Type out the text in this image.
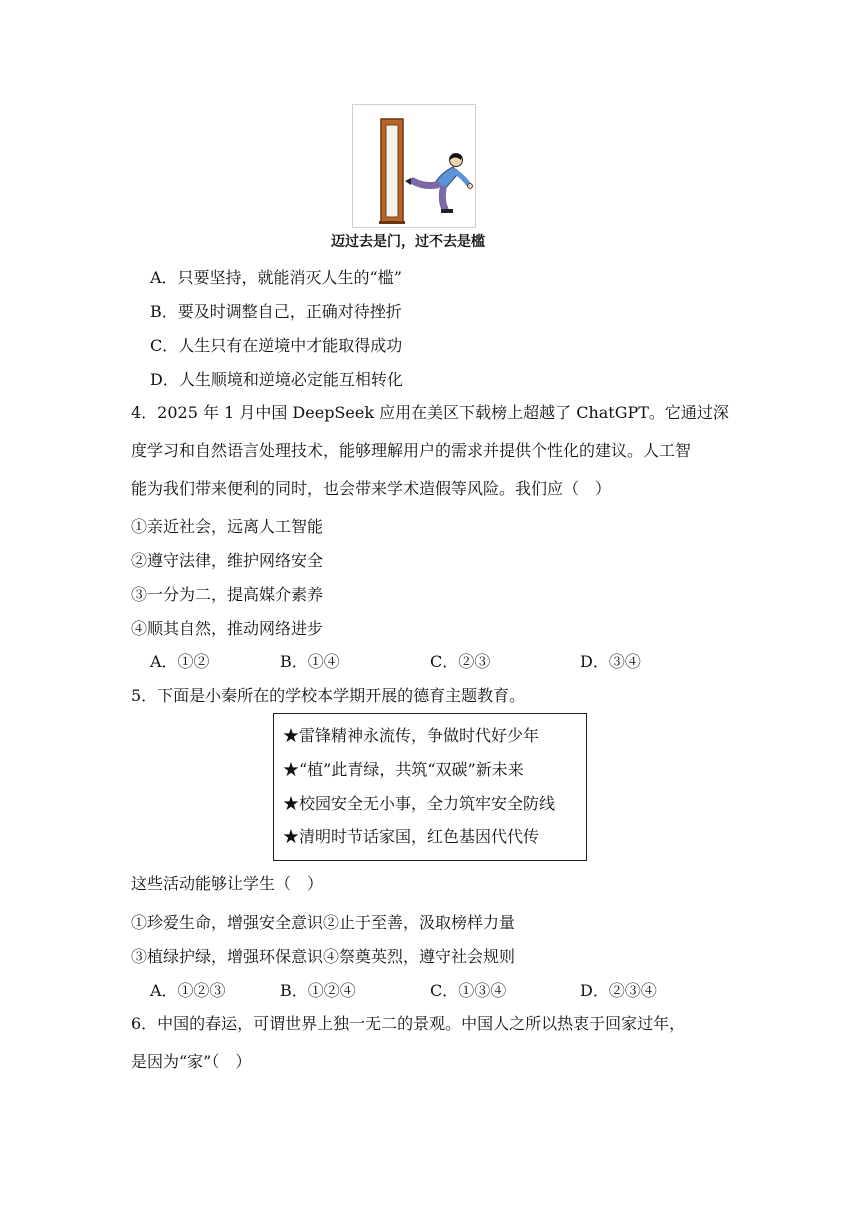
迈过去是门，过不去是槛
A．只要坚持，就能消灭人生的“槛”
B．要及时调整自己，正确对待挫折
C．人生只有在逆境中才能取得成功
D．人生顺境和逆境必定能互相转化
4．2025 年 1 月中国 DeepSeek 应用在美区下载榜上超越了 ChatGPT。它通过深
度学习和自然语言处理技术，能够理解用户的需求并提供个性化的建议。人工智
能为我们带来便利的同时，也会带来学术造假等风险。我们应（　）
①亲近社会，远离人工智能
②遵守法律，维护网络安全
③一分为二，提高媒介素养
④顺其自然，推动网络进步
A．①②	B．①④	C．②③	D．③④
5．下面是小秦所在的学校本学期开展的德育主题教育。
★雷锋精神永流传，争做时代好少年
★“植”此青绿，共筑“双碳”新未来
★校园安全无小事，全力筑牢安全防线
★清明时节话家国，红色基因代代传
这些活动能够让学生（　）
①珍爱生命，增强安全意识②止于至善，汲取榜样力量
③植绿护绿，增强环保意识④祭奠英烈，遵守社会规则
A．①②③	B．①②④	C．①③④	D．②③④
6．中国的春运，可谓世界上独一无二的景观。中国人之所以热衷于回家过年，
是因为“家”（　）
